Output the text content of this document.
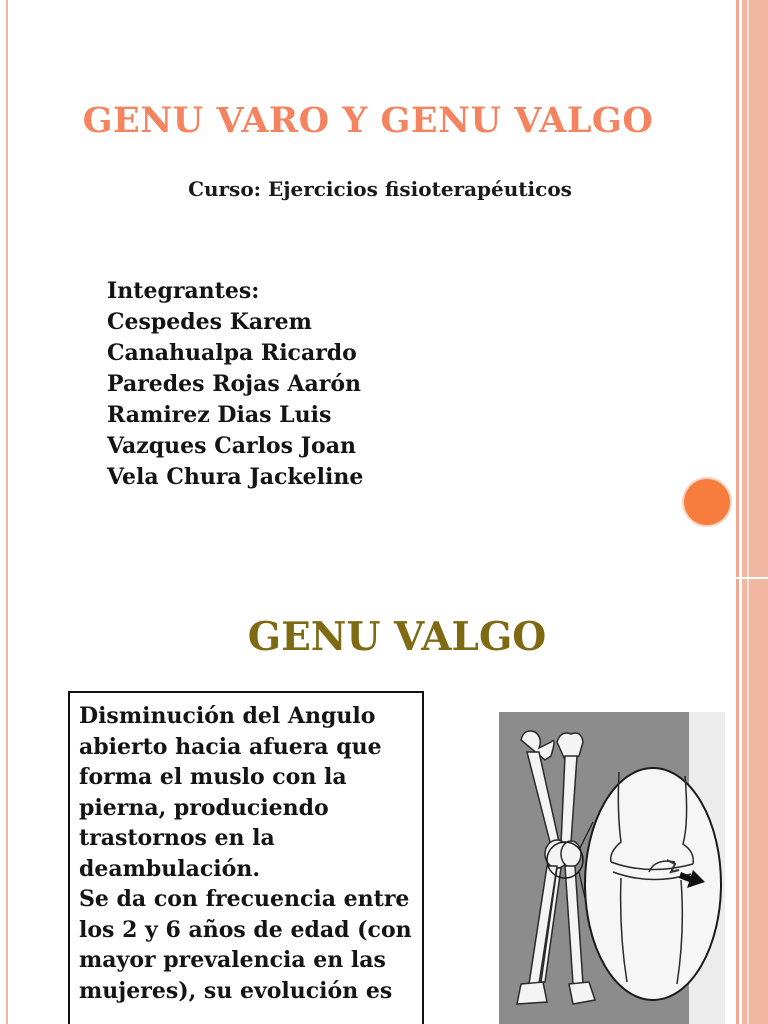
GENU VARO Y GENU VALGO
Curso: Ejercicios fisioterapéuticos
Integrantes:
Cespedes Karem
Canahualpa Ricardo
Paredes Rojas Aarón
Ramirez Dias Luis
Vazques Carlos Joan
Vela Chura Jackeline
GENU VALGO

Disminución del Angulo abierto hacia afuera que forma el muslo con la pierna, produciendo trastornos en la deambulación.

Se da con frecuencia entre los 2 y 6 años de edad (con mayor prevalencia en las mujeres), su evolución es
